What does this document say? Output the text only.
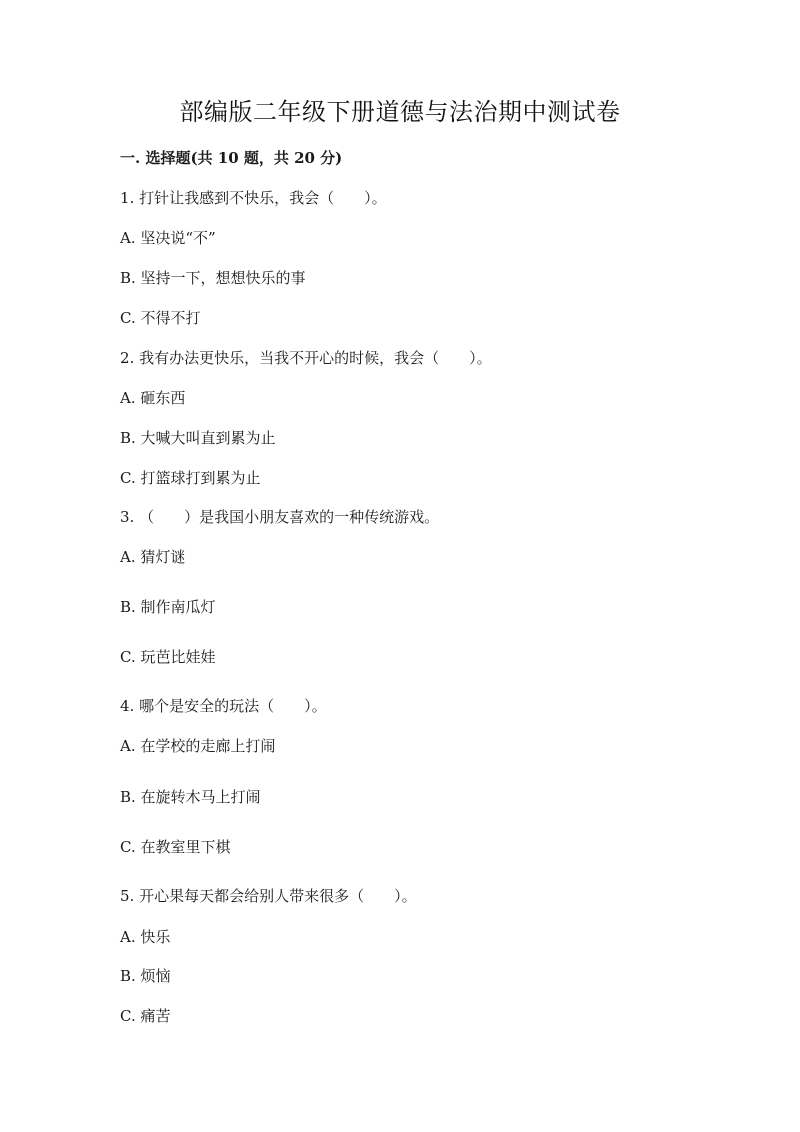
部编版二年级下册道德与法治期中测试卷
一. 选择题(共 10 题，共 20 分)
1. 打针让我感到不快乐，我会（　　）。
A. 坚决说“不”
B. 坚持一下，想想快乐的事
C. 不得不打
2. 我有办法更快乐，当我不开心的时候，我会（　　）。
A. 砸东西
B. 大喊大叫直到累为止
C. 打篮球打到累为止
3. （　　）是我国小朋友喜欢的一种传统游戏。
A. 猜灯谜
B. 制作南瓜灯
C. 玩芭比娃娃
4. 哪个是安全的玩法（　　）。
A. 在学校的走廊上打闹
B. 在旋转木马上打闹
C. 在教室里下棋
5. 开心果每天都会给别人带来很多（　　）。
A. 快乐
B. 烦恼
C. 痛苦
